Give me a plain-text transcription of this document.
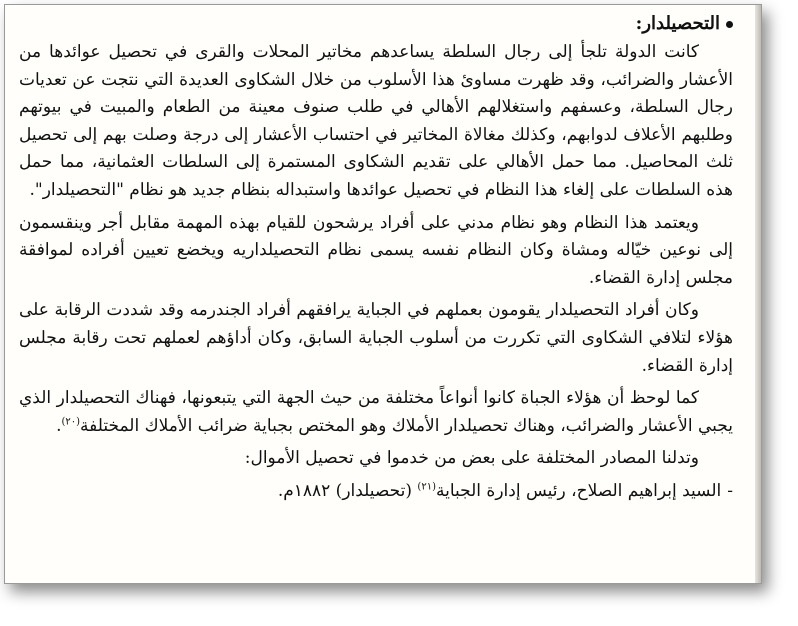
التحصيلدار:

كانت الدولة تلجأ إلى رجال السلطة يساعدهم مخاتير المحلات والقرى في تحصيل عوائدها من الأعشار والضرائب، وقد ظهرت مساوئ هذا الأسلوب من خلال الشكاوى العديدة التي نتجت عن تعديات رجال السلطة، وعسفهم واستغلالهم الأهالي في طلب صنوف معينة من الطعام والمبيت في بيوتهم وطلبهم الأعلاف لدوابهم، وكذلك مغالاة المخاتير في احتساب الأعشار إلى درجة وصلت بهم إلى تحصيل ثلث المحاصيل. مما حمل الأهالي على تقديم الشكاوى المستمرة إلى السلطات العثمانية، مما حمل هذه السلطات على إلغاء هذا النظام في تحصيل عوائدها واستبداله بنظام جديد هو نظام "التحصيلدار".

ويعتمد هذا النظام وهو نظام مدني على أفراد يرشحون للقيام بهذه المهمة مقابل أجر وينقسمون إلى نوعين خيّاله ومشاة وكان النظام نفسه يسمى نظام التحصيلداريه ويخضع تعيين أفراده لموافقة مجلس إدارة القضاء.

وكان أفراد التحصيلدار يقومون بعملهم في الجباية يرافقهم أفراد الجندرمه وقد شددت الرقابة على هؤلاء لتلافي الشكاوى التي تكررت من أسلوب الجباية السابق، وكان أداؤهم لعملهم تحت رقابة مجلس إدارة القضاء.

كما لوحظ أن هؤلاء الجباة كانوا أنواعاً مختلفة من حيث الجهة التي يتبعونها، فهناك التحصيلدار الذي يجبي الأعشار والضرائب، وهناك تحصيلدار الأملاك وهو المختص بجباية ضرائب الأملاك المختلفة$^{(٢٠)}$.

وتدلنا المصادر المختلفة على بعض من خدموا في تحصيل الأموال:

-السيد إبراهيم الصلاح، رئيس إدارة الجباية$^{(٢١)}$ (تحصيلدار) ١٨٨٢م.
